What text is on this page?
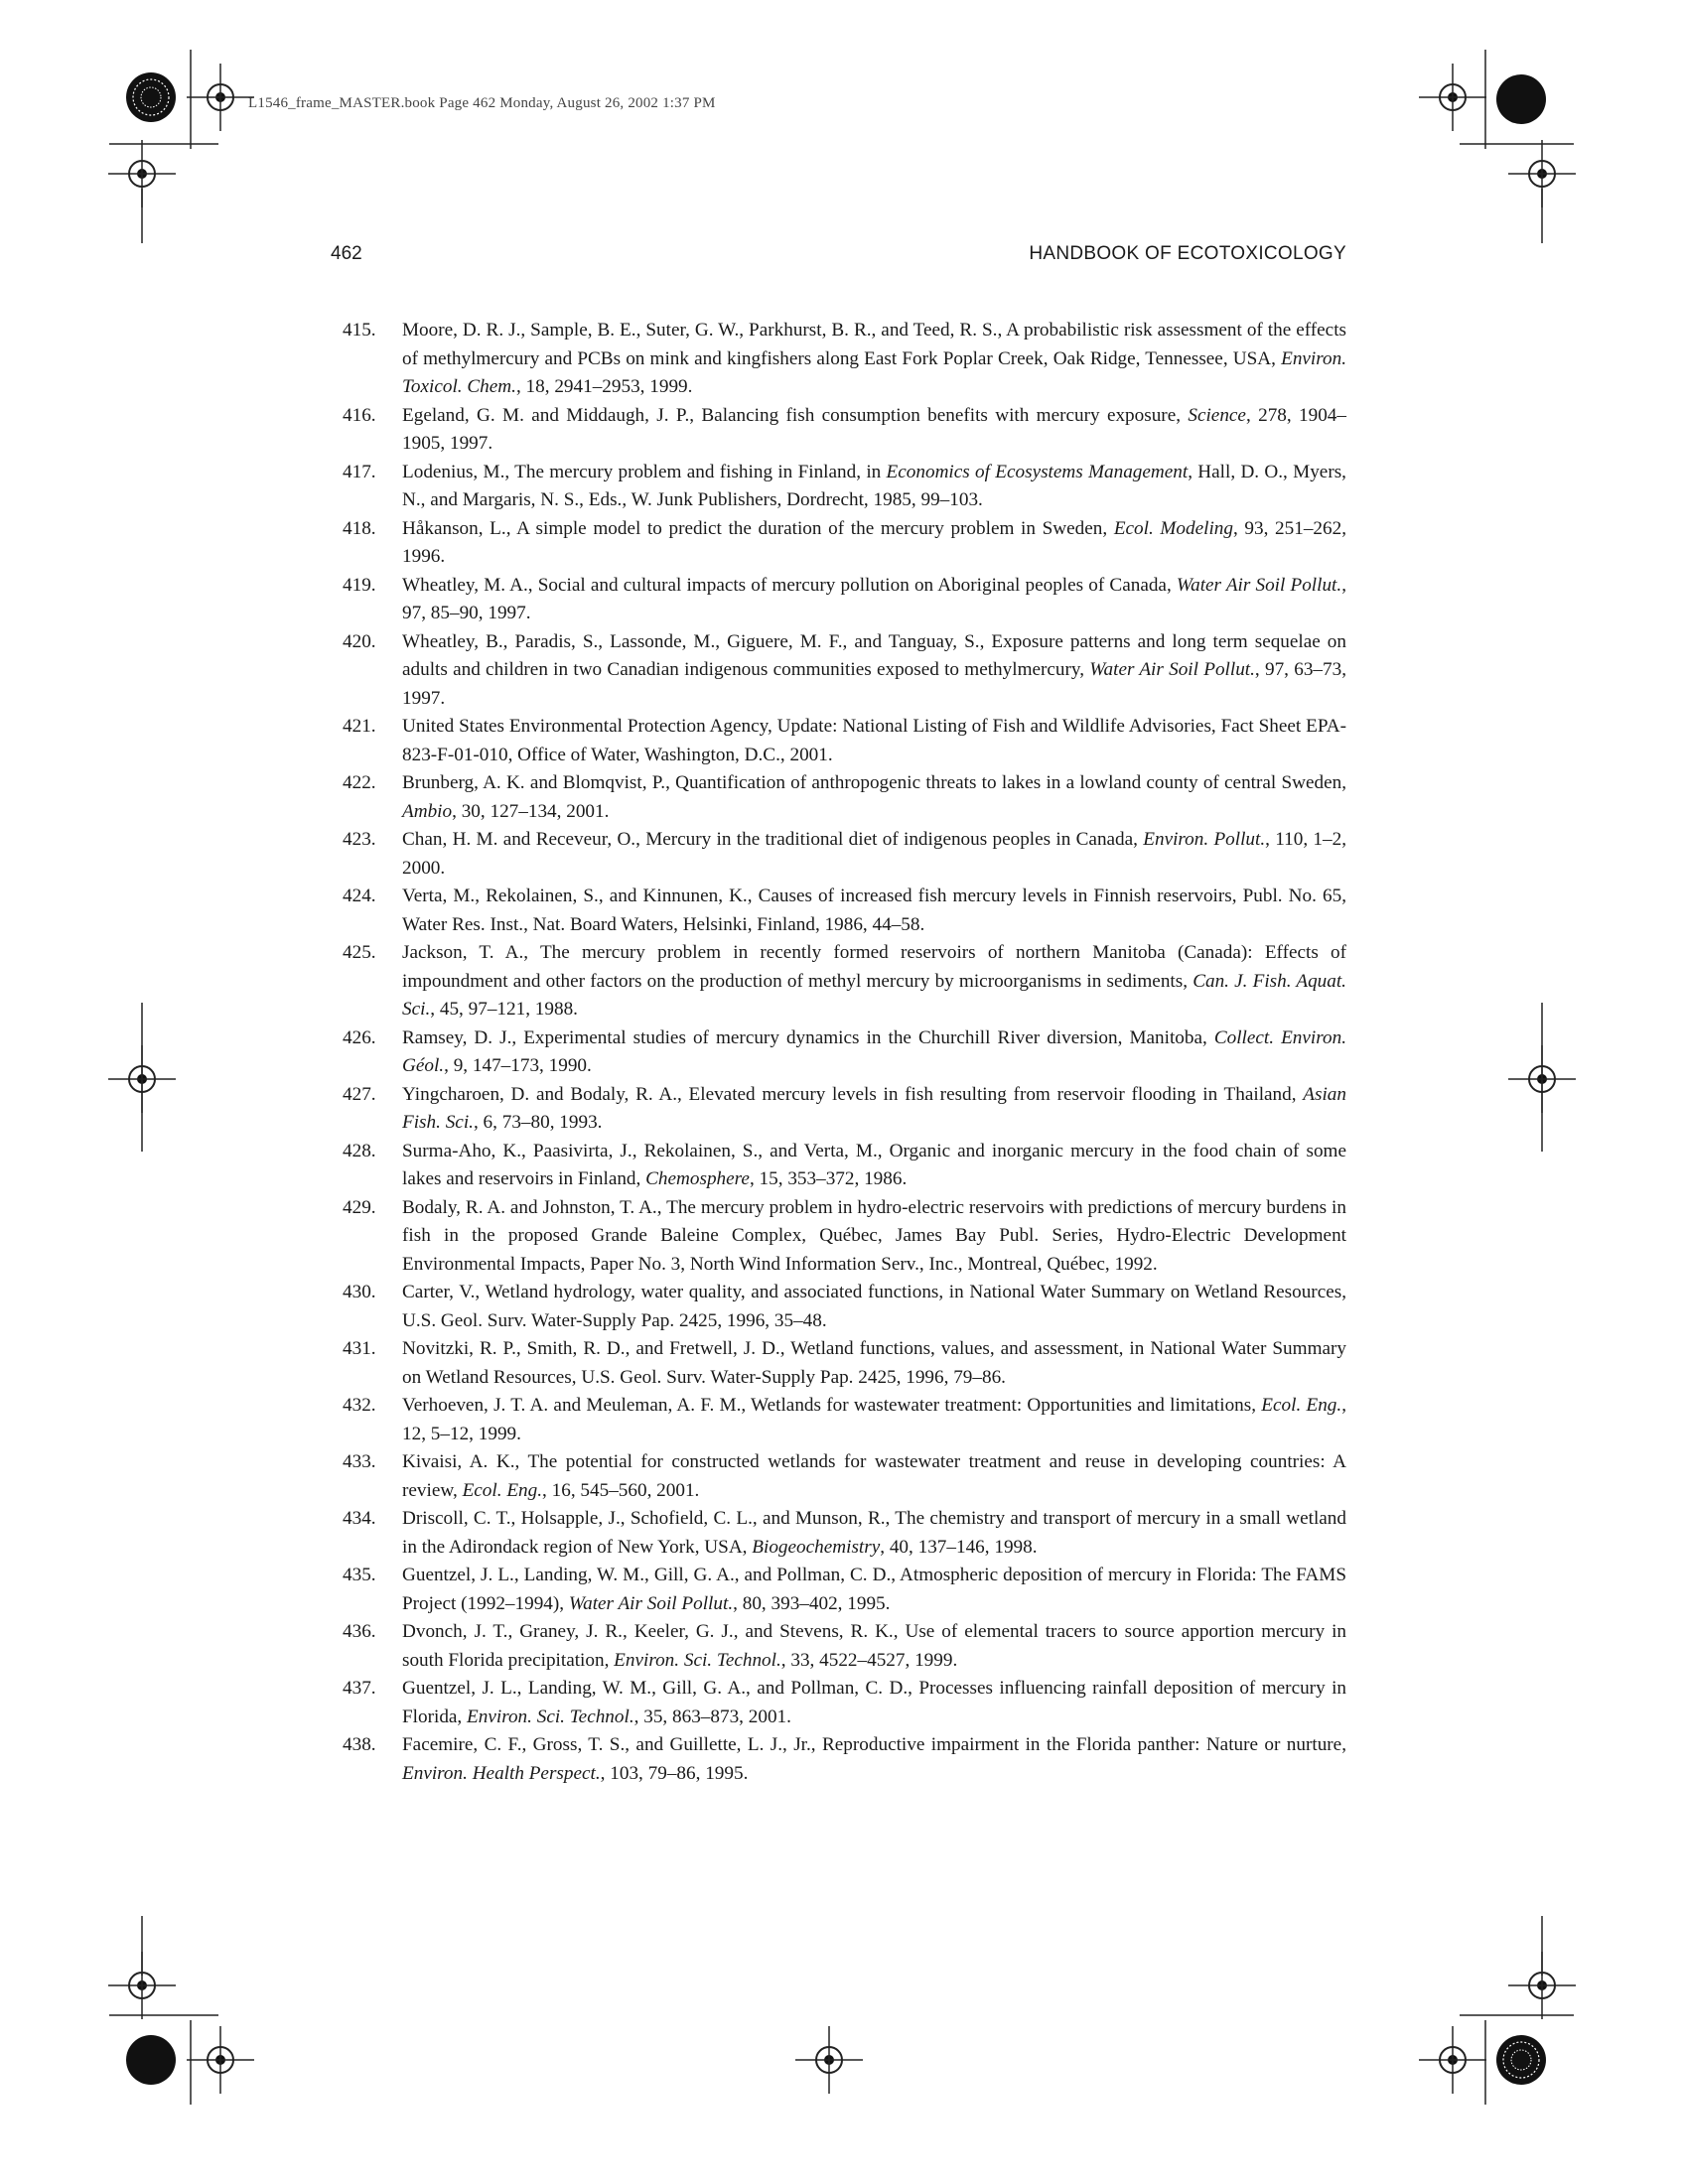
L1546_frame_MASTER.book Page 462 Monday, August 26, 2002 1:37 PM
462	HANDBOOK OF ECOTOXICOLOGY
415. Moore, D. R. J., Sample, B. E., Suter, G. W., Parkhurst, B. R., and Teed, R. S., A probabilistic risk assessment of the effects of methylmercury and PCBs on mink and kingfishers along East Fork Poplar Creek, Oak Ridge, Tennessee, USA, Environ. Toxicol. Chem., 18, 2941–2953, 1999.
416. Egeland, G. M. and Middaugh, J. P., Balancing fish consumption benefits with mercury exposure, Science, 278, 1904–1905, 1997.
417. Lodenius, M., The mercury problem and fishing in Finland, in Economics of Ecosystems Management, Hall, D. O., Myers, N., and Margaris, N. S., Eds., W. Junk Publishers, Dordrecht, 1985, 99–103.
418. Håkanson, L., A simple model to predict the duration of the mercury problem in Sweden, Ecol. Modeling, 93, 251–262, 1996.
419. Wheatley, M. A., Social and cultural impacts of mercury pollution on Aboriginal peoples of Canada, Water Air Soil Pollut., 97, 85–90, 1997.
420. Wheatley, B., Paradis, S., Lassonde, M., Giguere, M. F., and Tanguay, S., Exposure patterns and long term sequelae on adults and children in two Canadian indigenous communities exposed to methylmercury, Water Air Soil Pollut., 97, 63–73, 1997.
421. United States Environmental Protection Agency, Update: National Listing of Fish and Wildlife Advisories, Fact Sheet EPA-823-F-01-010, Office of Water, Washington, D.C., 2001.
422. Brunberg, A. K. and Blomqvist, P., Quantification of anthropogenic threats to lakes in a lowland county of central Sweden, Ambio, 30, 127–134, 2001.
423. Chan, H. M. and Receveur, O., Mercury in the traditional diet of indigenous peoples in Canada, Environ. Pollut., 110, 1–2, 2000.
424. Verta, M., Rekolainen, S., and Kinnunen, K., Causes of increased fish mercury levels in Finnish reservoirs, Publ. No. 65, Water Res. Inst., Nat. Board Waters, Helsinki, Finland, 1986, 44–58.
425. Jackson, T. A., The mercury problem in recently formed reservoirs of northern Manitoba (Canada): Effects of impoundment and other factors on the production of methyl mercury by microorganisms in sediments, Can. J. Fish. Aquat. Sci., 45, 97–121, 1988.
426. Ramsey, D. J., Experimental studies of mercury dynamics in the Churchill River diversion, Manitoba, Collect. Environ. Géol., 9, 147–173, 1990.
427. Yingcharoen, D. and Bodaly, R. A., Elevated mercury levels in fish resulting from reservoir flooding in Thailand, Asian Fish. Sci., 6, 73–80, 1993.
428. Surma-Aho, K., Paasivirta, J., Rekolainen, S., and Verta, M., Organic and inorganic mercury in the food chain of some lakes and reservoirs in Finland, Chemosphere, 15, 353–372, 1986.
429. Bodaly, R. A. and Johnston, T. A., The mercury problem in hydro-electric reservoirs with predictions of mercury burdens in fish in the proposed Grande Baleine Complex, Québec, James Bay Publ. Series, Hydro-Electric Development Environmental Impacts, Paper No. 3, North Wind Information Serv., Inc., Montreal, Québec, 1992.
430. Carter, V., Wetland hydrology, water quality, and associated functions, in National Water Summary on Wetland Resources, U.S. Geol. Surv. Water-Supply Pap. 2425, 1996, 35–48.
431. Novitzki, R. P., Smith, R. D., and Fretwell, J. D., Wetland functions, values, and assessment, in National Water Summary on Wetland Resources, U.S. Geol. Surv. Water-Supply Pap. 2425, 1996, 79–86.
432. Verhoeven, J. T. A. and Meuleman, A. F. M., Wetlands for wastewater treatment: Opportunities and limitations, Ecol. Eng., 12, 5–12, 1999.
433. Kivaisi, A. K., The potential for constructed wetlands for wastewater treatment and reuse in developing countries: A review, Ecol. Eng., 16, 545–560, 2001.
434. Driscoll, C. T., Holsapple, J., Schofield, C. L., and Munson, R., The chemistry and transport of mercury in a small wetland in the Adirondack region of New York, USA, Biogeochemistry, 40, 137–146, 1998.
435. Guentzel, J. L., Landing, W. M., Gill, G. A., and Pollman, C. D., Atmospheric deposition of mercury in Florida: The FAMS Project (1992–1994), Water Air Soil Pollut., 80, 393–402, 1995.
436. Dvonch, J. T., Graney, J. R., Keeler, G. J., and Stevens, R. K., Use of elemental tracers to source apportion mercury in south Florida precipitation, Environ. Sci. Technol., 33, 4522–4527, 1999.
437. Guentzel, J. L., Landing, W. M., Gill, G. A., and Pollman, C. D., Processes influencing rainfall deposition of mercury in Florida, Environ. Sci. Technol., 35, 863–873, 2001.
438. Facemire, C. F., Gross, T. S., and Guillette, L. J., Jr., Reproductive impairment in the Florida panther: Nature or nurture, Environ. Health Perspect., 103, 79–86, 1995.
